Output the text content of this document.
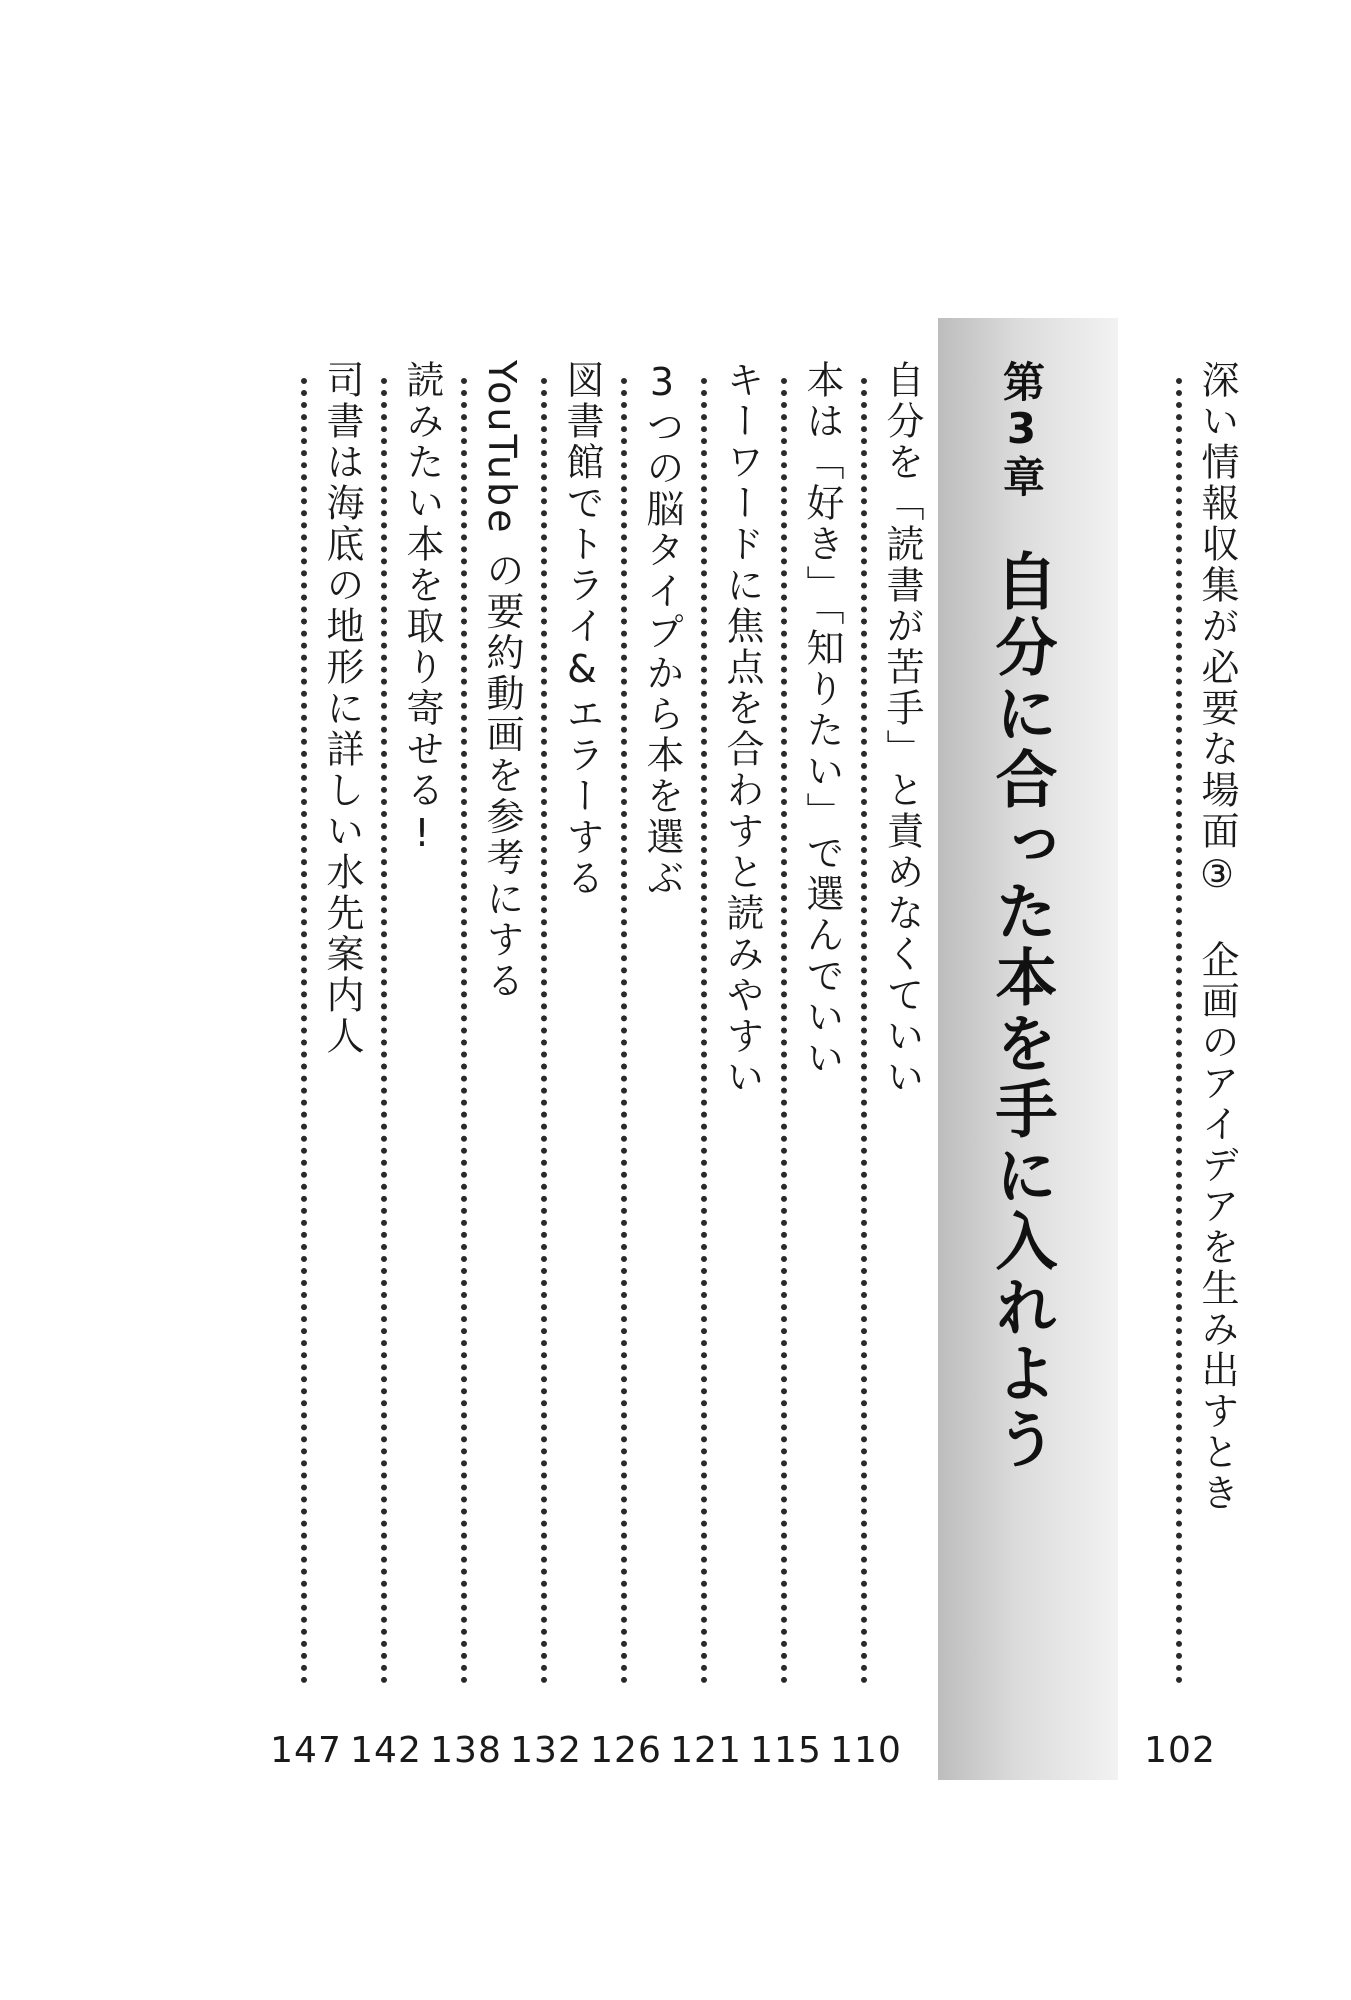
深い情報収集が必要な場面③　企画のアイデアを生み出すとき
102
第3章自分に合った本を手に入れよう
自分を「読書が苦手」と責めなくていい
110
本は「好き」「知りたい」で選んでいい
115
キーワードに焦点を合わすと読みやすい
121
3つの脳タイプから本を選ぶ
126
図書館でトライ&エラーする
132
YouTube の要約動画を参考にする
138
読みたい本を取り寄せる!
142
司書は海底の地形に詳しい水先案内人
147
